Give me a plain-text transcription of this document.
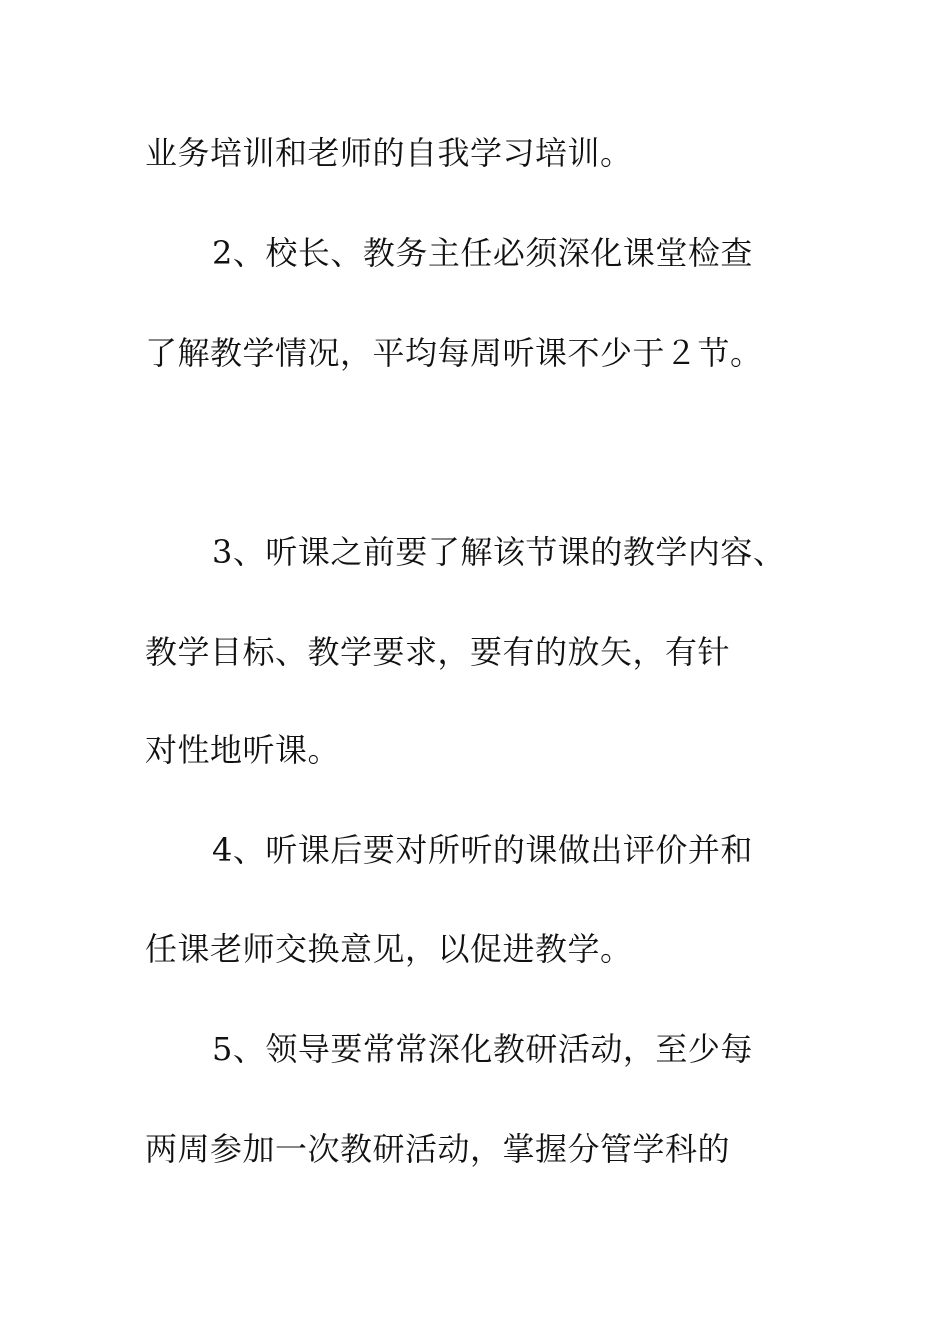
业务培训和老师的自我学习培训。
2、校长、教务主任必须深化课堂检查
了解教学情况，平均每周听课不少于２节。
3、听课之前要了解该节课的教学内容、
教学目标、教学要求，要有的放矢，有针
对性地听课。
4、听课后要对所听的课做出评价并和
任课老师交换意见，以促进教学。
5、领导要常常深化教研活动，至少每
两周参加一次教研活动，掌握分管学科的
